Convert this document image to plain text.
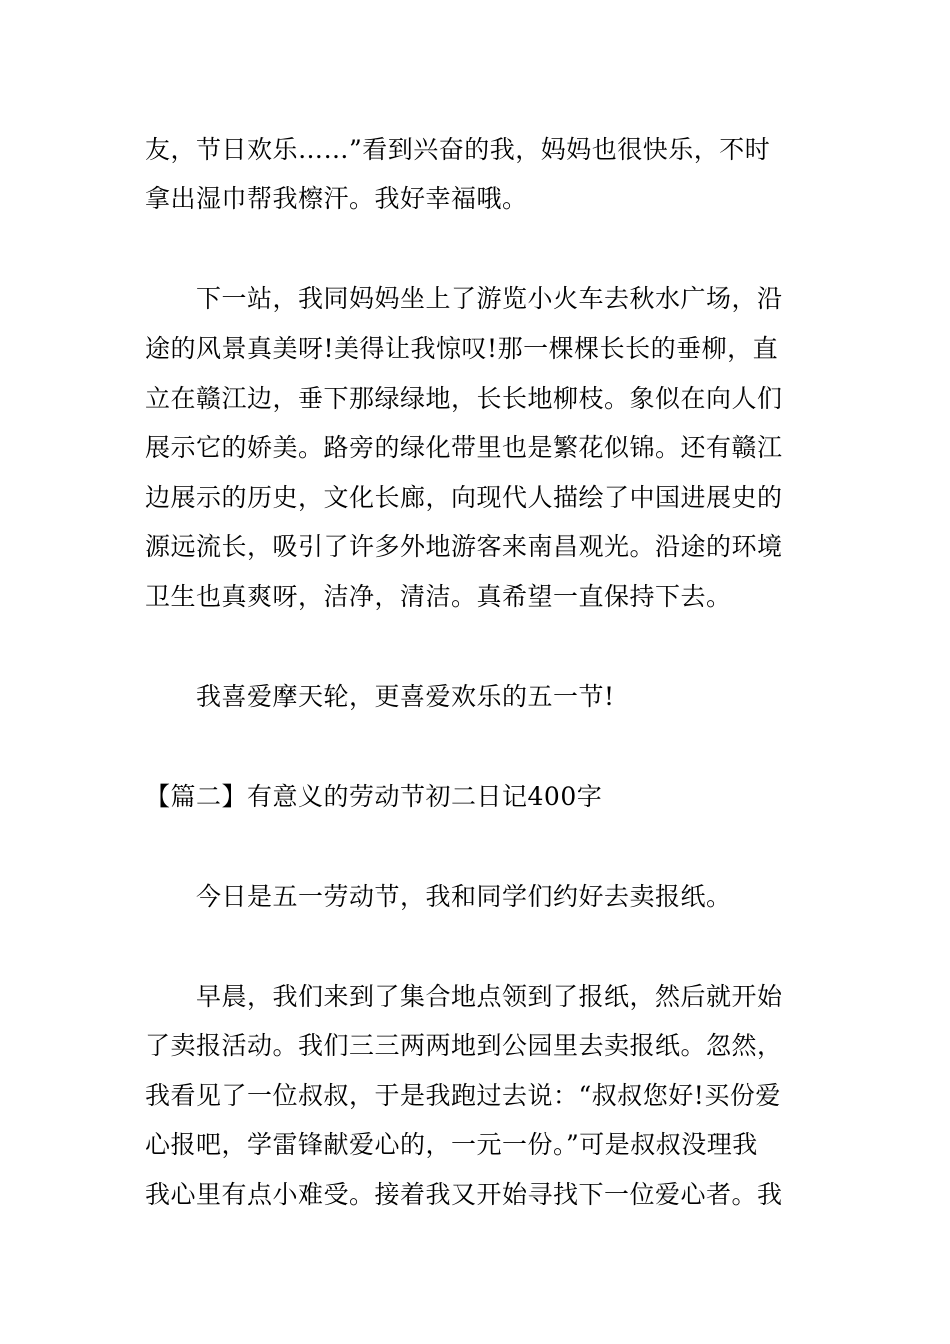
友，节日欢乐……”看到兴奋的我，妈妈也很快乐，不时
拿出湿巾帮我檫汗。我好幸福哦。
下一站，我同妈妈坐上了游览小火车去秋水广场，沿
途的风景真美呀!美得让我惊叹!那一棵棵长长的垂柳，直
立在赣江边，垂下那绿绿地，长长地柳枝。象似在向人们
展示它的娇美。路旁的绿化带里也是繁花似锦。还有赣江
边展示的历史，文化长廊，向现代人描绘了中国进展史的
源远流长，吸引了许多外地游客来南昌观光。沿途的环境
卫生也真爽呀，洁净，清洁。真希望一直保持下去。
我喜爱摩天轮，更喜爱欢乐的五一节!
【篇二】有意义的劳动节初二日记400字
今日是五一劳动节，我和同学们约好去卖报纸。
早晨，我们来到了集合地点领到了报纸，然后就开始
了卖报活动。我们三三两两地到公园里去卖报纸。忽然，
我看见了一位叔叔，于是我跑过去说：“叔叔您好!买份爱
心报吧，学雷锋献爱心的，一元一份。”可是叔叔没理我
我心里有点小难受。接着我又开始寻找下一位爱心者。我
